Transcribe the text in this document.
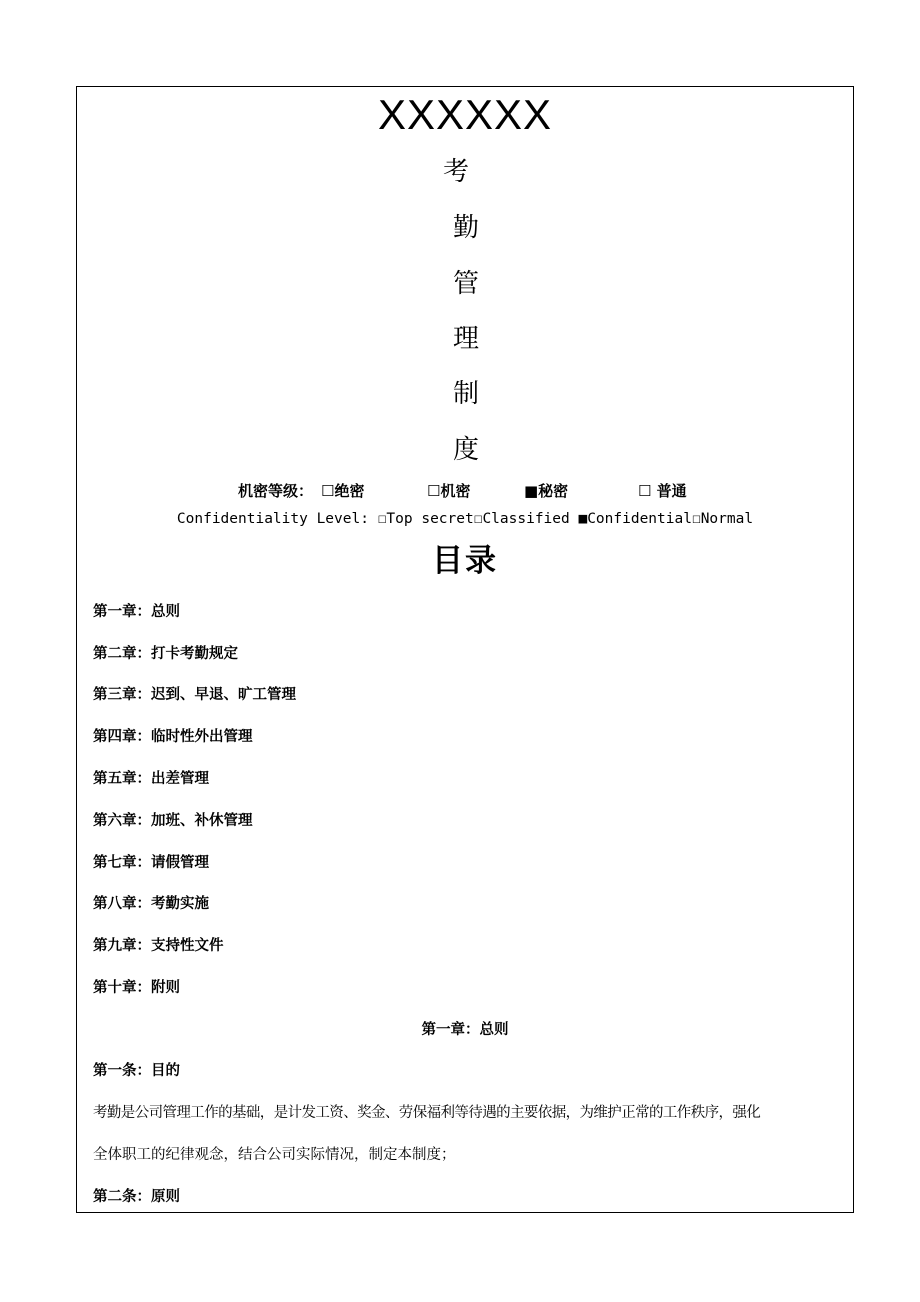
XXXXXX
考
勤
管
理
制
度

机密等级：

☐绝密

	☐机密

	■秘密

	☐ 普通

Confidentiality Level: ☐Top secret☐Classified ■Confidential☐Normal
目录
第一章：总则
第二章：打卡考勤规定
第三章：迟到、早退、旷工管理
第四章：临时性外出管理
第五章：出差管理
第六章：加班、补休管理
第七章：请假管理
第八章：考勤实施
第九章：支持性文件
第十章：附则
第一章：总则
第一条：目的
考勤是公司管理工作的基础，是计发工资、奖金、劳保福利等待遇的主要依据，为维护正常的工作秩序，强化
全体职工的纪律观念，结合公司实际情况，制定本制度；
第二条：原则
